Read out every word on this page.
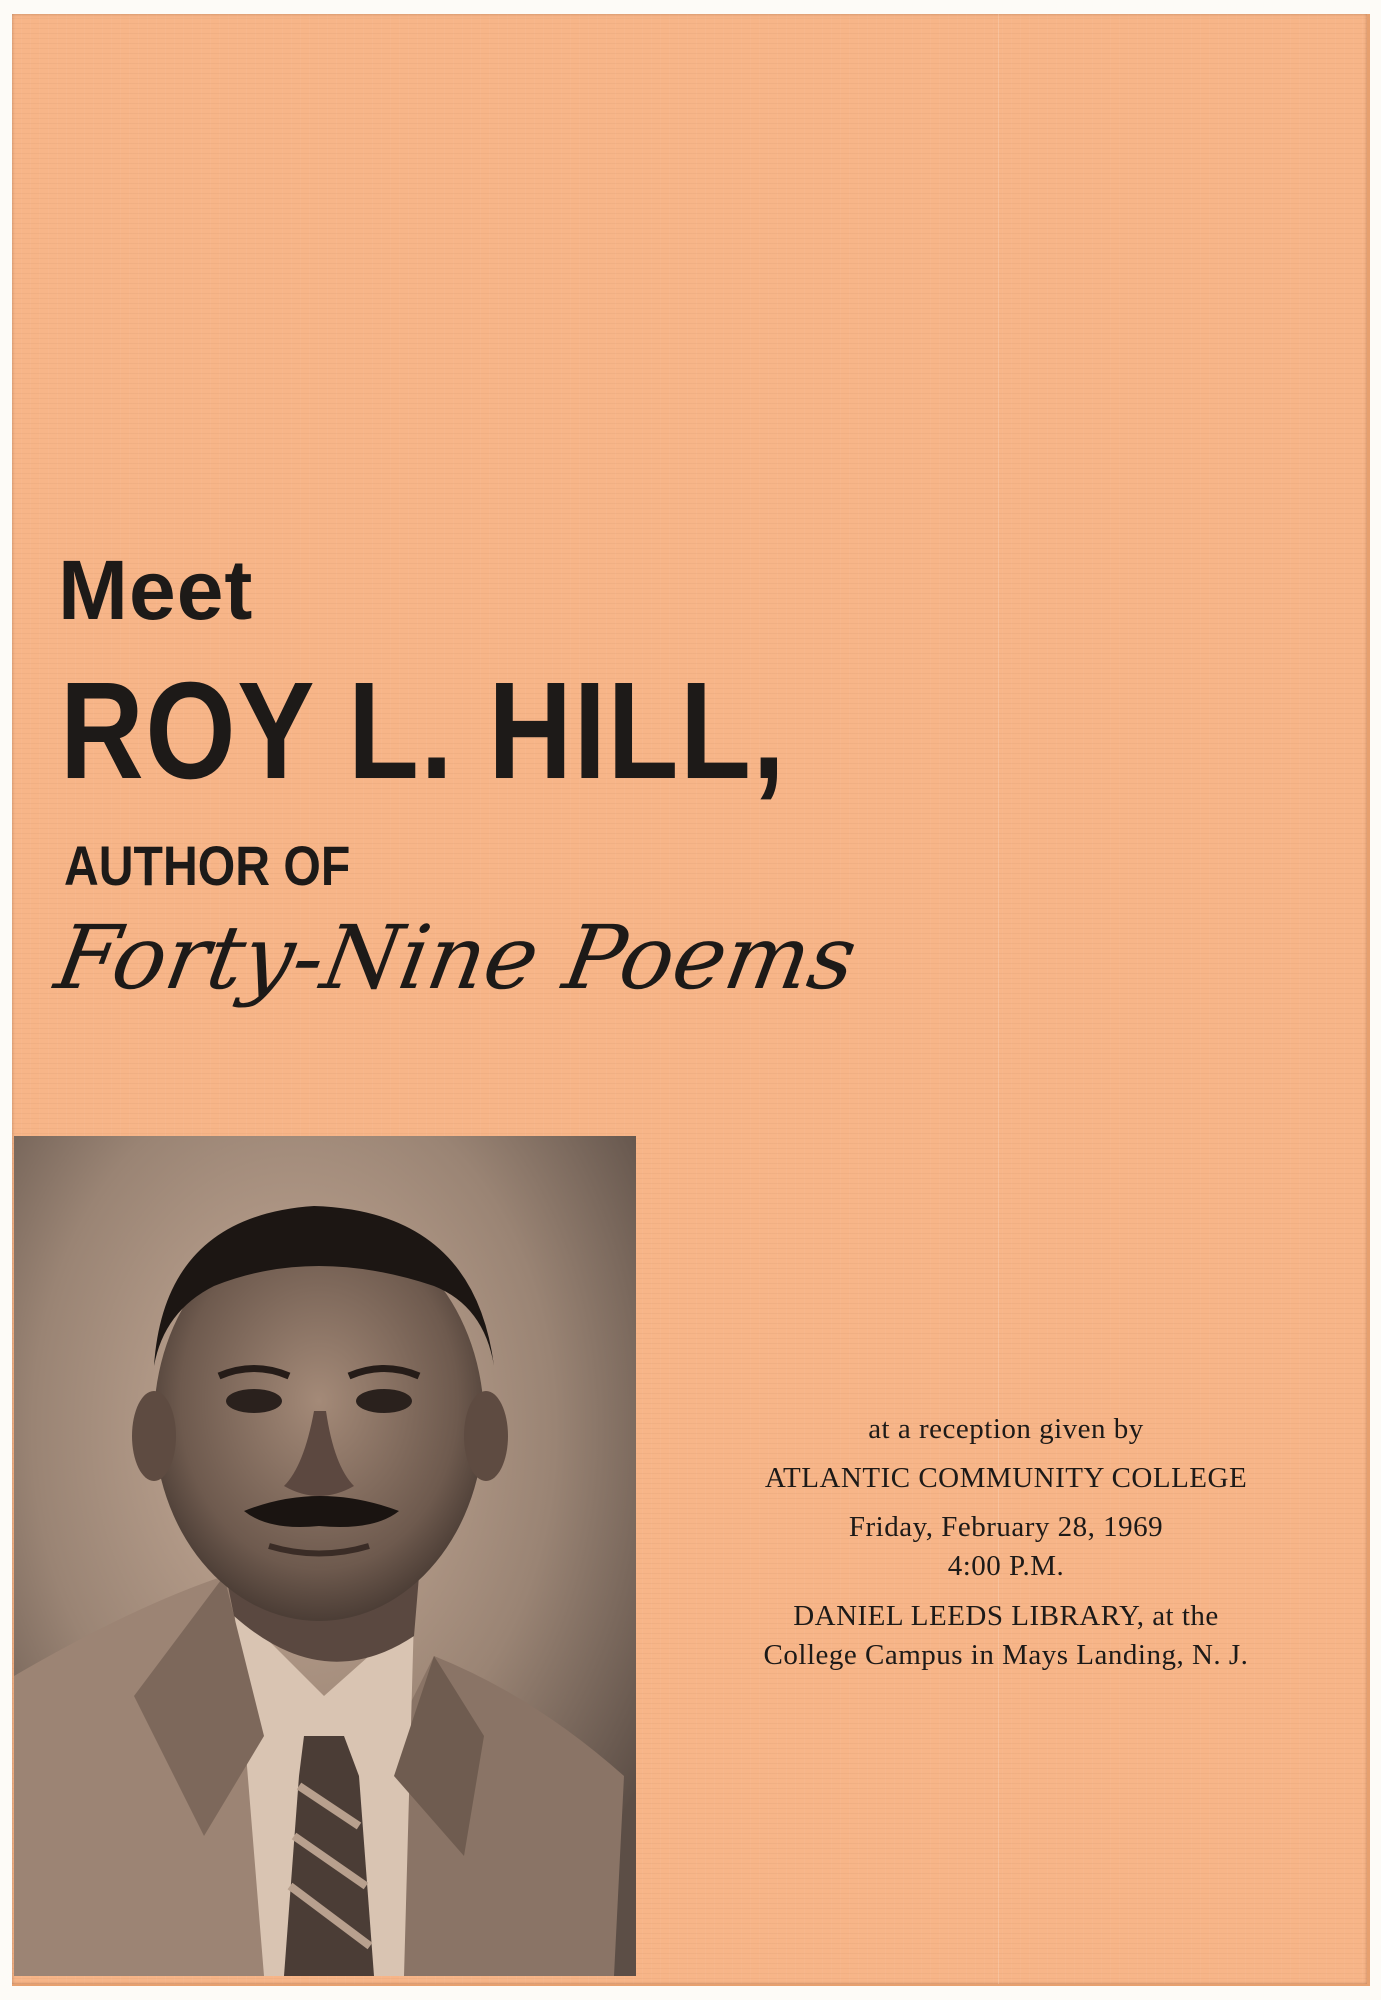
Meet
ROY L. HILL,
AUTHOR OF
Forty-Nine Poems
at a reception given by
ATLANTIC COMMUNITY COLLEGE
Friday, February 28, 1969
4:00 P.M.
DANIEL LEEDS LIBRARY, at the
College Campus in Mays Landing, N. J.
